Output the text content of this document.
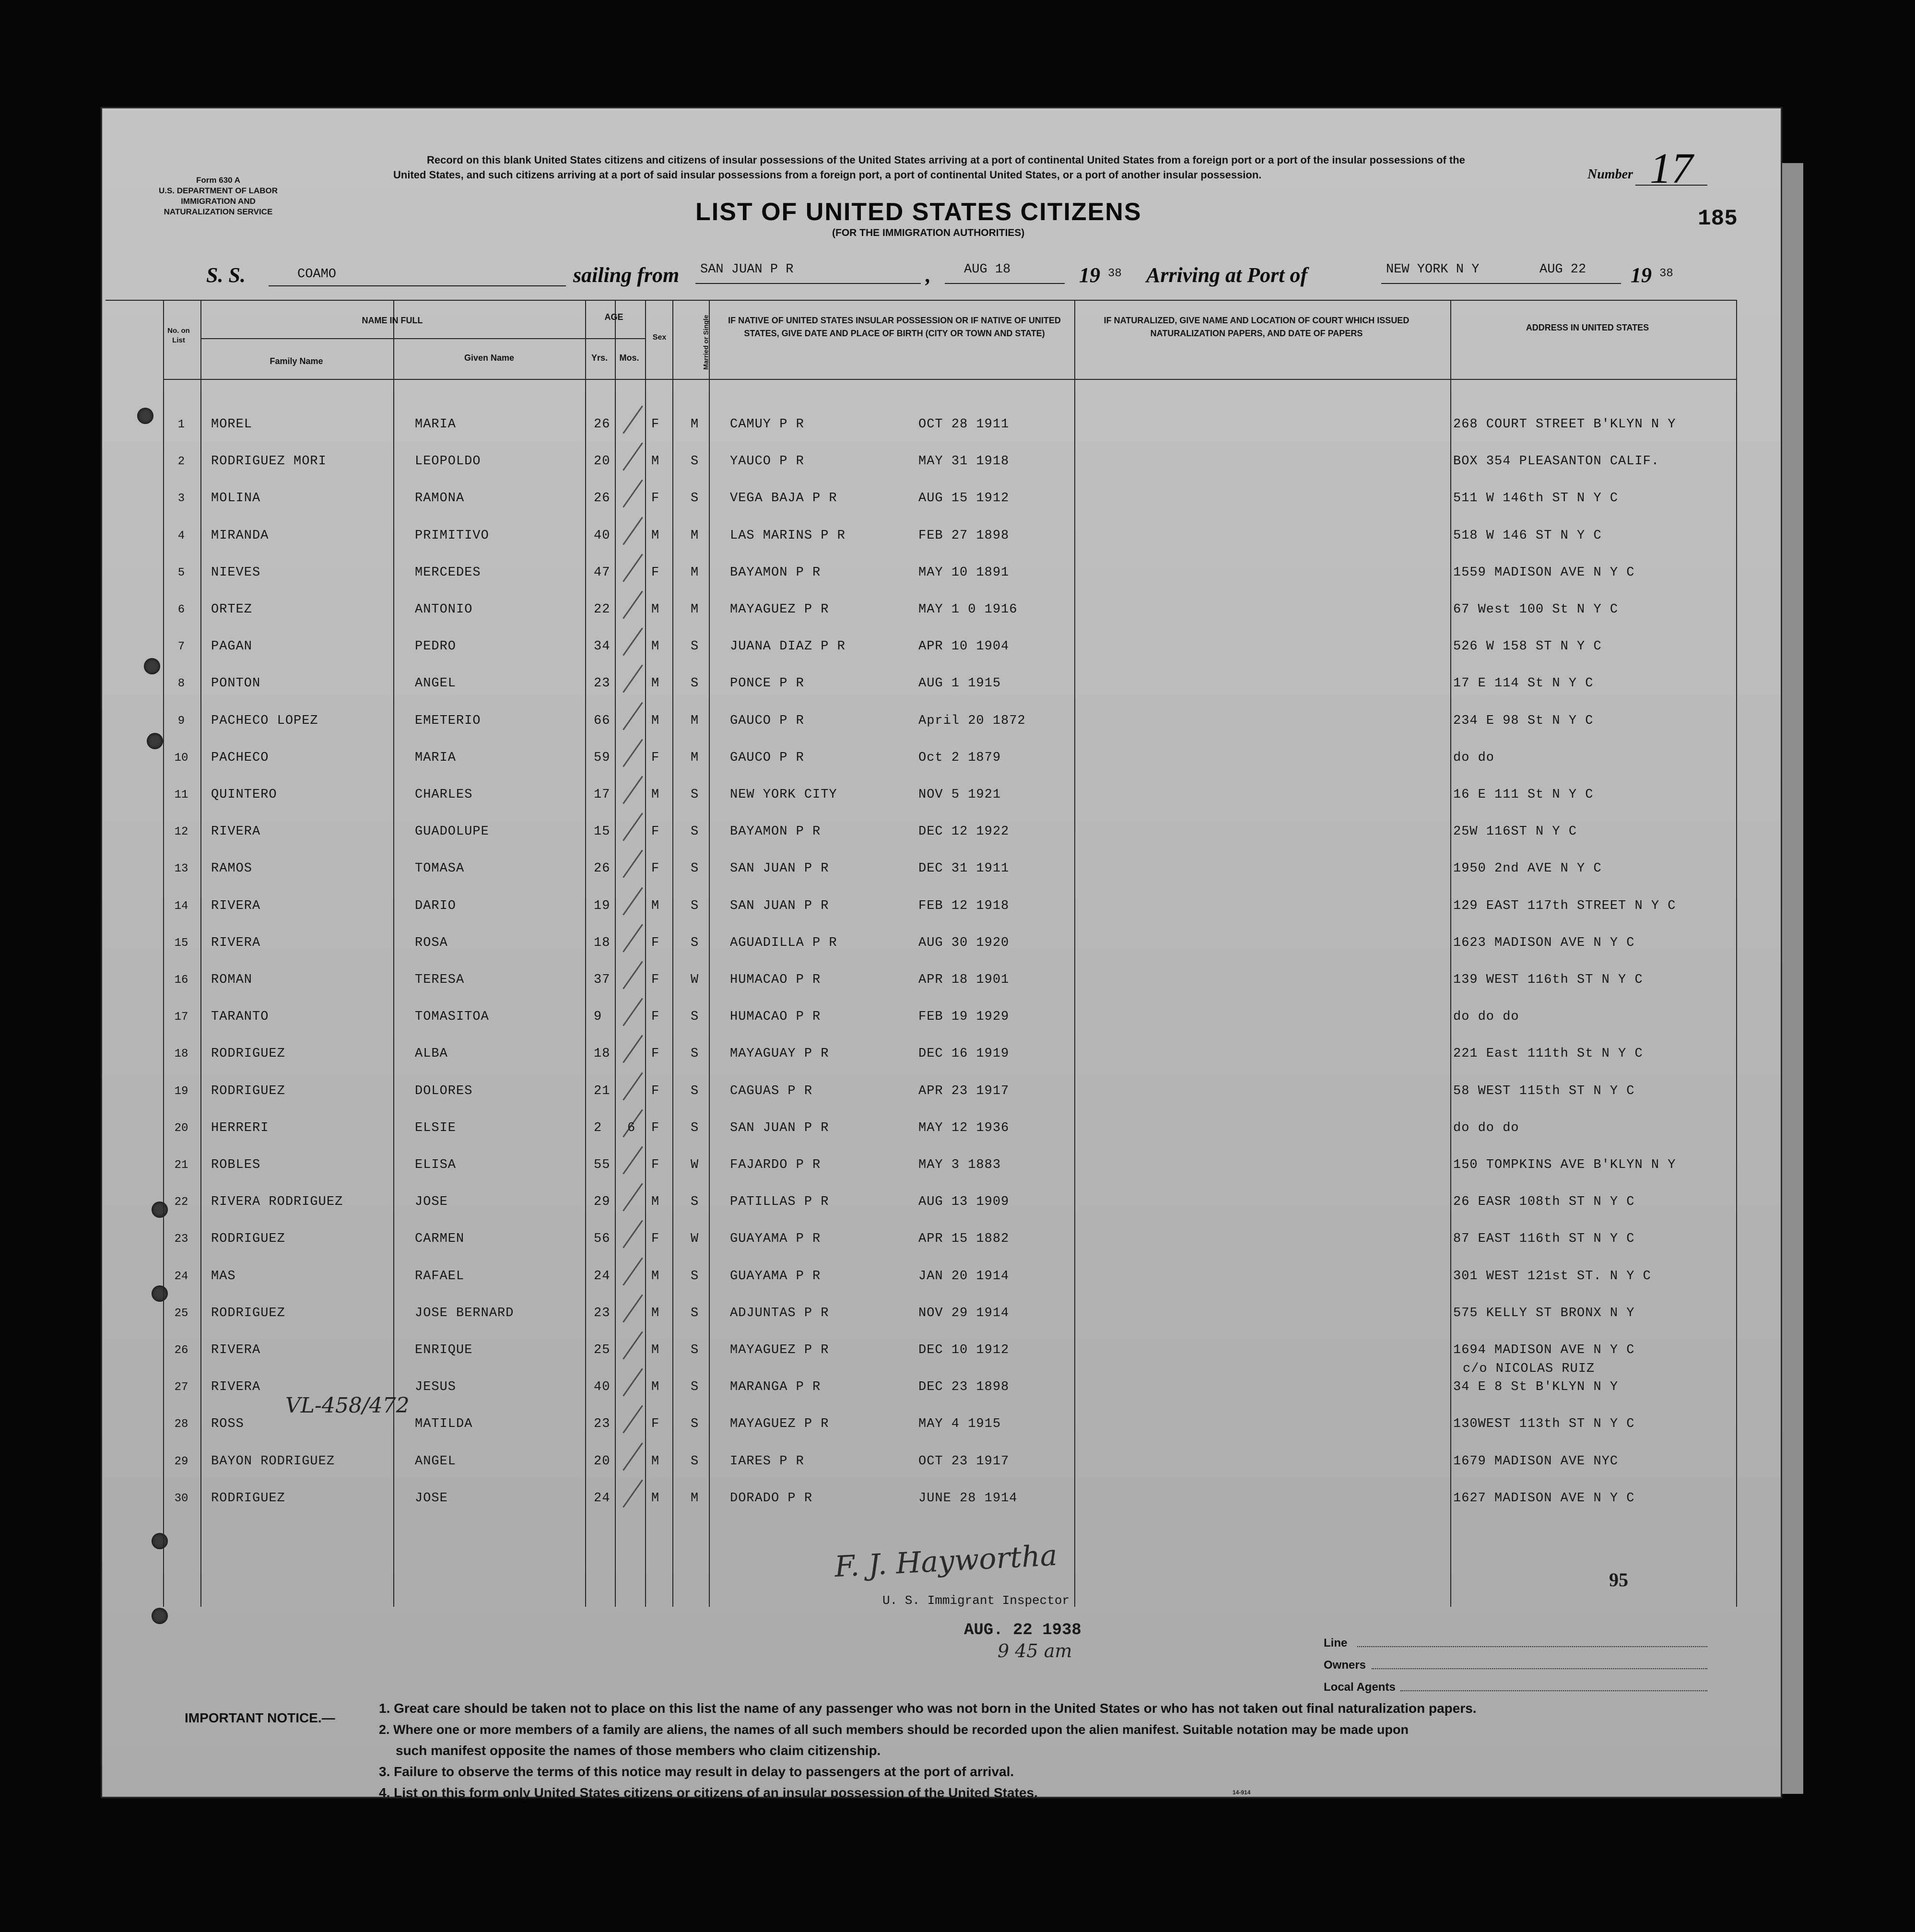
Form 630 A
U.S. DEPARTMENT OF LABOR
IMMIGRATION AND
NATURALIZATION SERVICE
Record on this blank United States citizens and citizens of insular possessions of the United States arriving at a port of continental United States from a foreign port or a port of the insular possessions of the United States, and such citizens arriving at a port of said insular possessions from a foreign port, a port of continental United States, or a port of another insular possession.	Number 17
185
LIST OF UNITED STATES CITIZENS
(FOR THE IMMIGRATION AUTHORITIES)
S. S.	COAMO	sailing from SAN JUAN P R	,	AUG 18	19 38 Arriving at Port of	NEW YORK N Y	AUG 22 19 38
No. on List
NAME IN FULL
Family Name	Given Name
AGE
Yrs.	Mos.
Sex	Married or Single	IF NATIVE OF UNITED STATES INSULAR POSSESSION OR IF NATIVE OF UNITED STATES, GIVE DATE AND PLACE OF BIRTH (CITY OR TOWN AND STATE)
IF NATURALIZED, GIVE NAME AND LOCATION OF COURT WHICH ISSUED NATURALIZATION PAPERS, AND DATE OF PAPERS
ADDRESS IN UNITED STATES
1	MOREL	MARIA	26	F M CAMUY P R	OCT 28 1911	268 COURT STREET B'KLYN N Y
2	RODRIGUEZ MORI	LEOPOLDO	20	M S YAUCO P R	MAY 31 1918	BOX 354 PLEASANTON CALIF.
3	MOLINA	RAMONA	26	F S VEGA BAJA P R	AUG 15 1912	511 W 146th ST N Y C
4	MIRANDA	PRIMITIVO	40	M M LAS MARINS P R	FEB 27 1898	518 W 146 ST N Y C
5	NIEVES	MERCEDES	47	F M BAYAMON P R	MAY 10 1891	1559 MADISON AVE N Y C
6	ORTEZ	ANTONIO	22	M M MAYAGUEZ P R	MAY 1 0 1916	67 West 100 St N Y C
7	PAGAN	PEDRO	34	M S JUANA DIAZ P R	APR 10 1904	526 W 158 ST N Y C
8	PONTON	ANGEL	23	M S PONCE P R	AUG 1 1915	17 E 114 St N Y C
9	PACHECO LOPEZ	EMETERIO	66	M M GAUCO P R	April 20 1872	234 E 98 St N Y C
10	PACHECO	MARIA	59	F M GAUCO P R	Oct 2 1879	do do
11	QUINTERO	CHARLES	17	M S NEW YORK CITY	NOV 5 1921	16 E 111 St N Y C
12	RIVERA	GUADOLUPE	15	F S BAYAMON P R	DEC 12 1922	25W 116ST N Y C
13	RAMOS	TOMASA	26	F S SAN JUAN P R	DEC 31 1911	1950 2nd AVE N Y C
14	RIVERA	DARIO	19	M S SAN JUAN P R	FEB 12 1918	129 EAST 117th STREET N Y C
15	RIVERA	ROSA	18	F S AGUADILLA P R	AUG 30 1920	1623 MADISON AVE N Y C
16	ROMAN	TERESA	37	F W HUMACAO P R	APR 18 1901	139 WEST 116th ST N Y C
17	TARANTO	TOMASITOA	9	F S HUMACAO P R	FEB 19 1929	do do do
18	RODRIGUEZ	ALBA	18	F S MAYAGUAY P R	DEC 16 1919	221 East 111th St N Y C
19	RODRIGUEZ	DOLORES	21	F S CAGUAS P R	APR 23 1917	58 WEST 115th ST N Y C
20	HERRERI	ELSIE	2 6 F S SAN JUAN P R	MAY 12 1936	do do do
21	ROBLES	ELISA	55	F W FAJARDO P R	MAY 3 1883	150 TOMPKINS AVE B'KLYN N Y
22	RIVERA RODRIGUEZ	JOSE	29	M S PATILLAS P R	AUG 13 1909	26 EASR 108th ST N Y C
23	RODRIGUEZ	CARMEN	56	F W GUAYAMA P R	APR 15 1882	87 EAST 116th ST N Y C
24	MAS	RAFAEL	24	M S GUAYAMA P R	JAN 20 1914	301 WEST 121st ST. N Y C
25	RODRIGUEZ	JOSE BERNARD	23	M S ADJUNTAS P R	NOV 29 1914	575 KELLY ST BRONX N Y
26	RIVERA	ENRIQUE	25	M S MAYAGUEZ P R	DEC 10 1912	1694 MADISON AVE N Y C
27	RIVERA	JESUS	40	M S MARANGA P R	DEC 23 1898	34 E 8 St B'KLYN N Y
c/o NICOLAS RUIZ
28	ROSS	MATILDA	23	F S MAYAGUEZ P R	MAY 4 1915	130WEST 113th ST N Y C
29	BAYON RODRIGUEZ	ANGEL	20	M S IARES P R	OCT 23 1917	1679 MADISON AVE NYC
30	RODRIGUEZ	JOSE	24	M M DORADO P R	JUNE 28 1914	1627 MADISON AVE N Y C
VL-458/472
95
F. J. Haywortha
U. S. Immigrant Inspector
AUG. 22 1938
9 45 am	Line
Owners
Local Agents
IMPORTANT NOTICE.—
1. Great care should be taken not to place on this list the name of any passenger who was not born in the United States or who has not taken out final naturalization papers.
2. Where one or more members of a family are aliens, the names of all such members should be recorded upon the alien manifest. Suitable notation may be made upon
such manifest opposite the names of those members who claim citizenship.
3. Failure to observe the terms of this notice may result in delay to passengers at the port of arrival.
4. List on this form only United States citizens or citizens of an insular possession of the United States.	14-914
